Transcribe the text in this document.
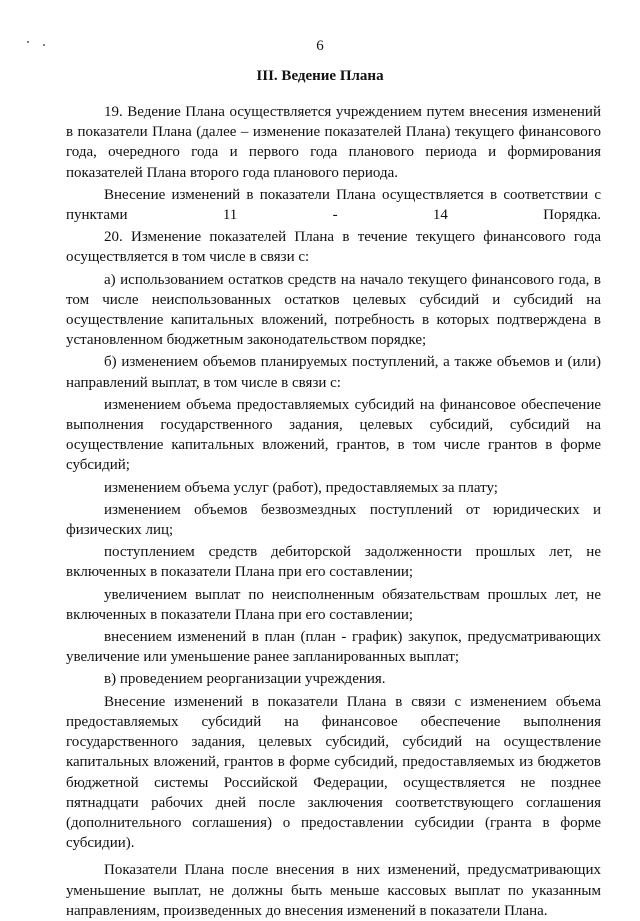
6
III. Ведение Плана

19. Ведение Плана осуществляется учреждением путем внесения изменений в показатели Плана (далее – изменение показателей Плана) текущего финансового года, очередного года и первого года планового периода и формирования показателей Плана второго года планового периода.

Внесение изменений в показатели Плана осуществляется в соответствии с пунктами 11 - 14 Порядка.

20. Изменение показателей Плана в течение текущего финансового года осуществляется в том числе в связи с:

а) использованием остатков средств на начало текущего финансового года, в том числе неиспользованных остатков целевых субсидий и субсидий на осуществление капитальных вложений, потребность в которых подтверждена в установленном бюджетным законодательством порядке;

б) изменением объемов планируемых поступлений, а также объемов и (или) направлений выплат, в том числе в связи с:

изменением объема предоставляемых субсидий на финансовое обеспечение выполнения государственного задания, целевых субсидий, субсидий на осуществление капитальных вложений, грантов, в том числе грантов в форме субсидий;

изменением объема услуг (работ), предоставляемых за плату;

изменением объемов безвозмездных поступлений от юридических и физических лиц;

поступлением средств дебиторской задолженности прошлых лет, не включенных в показатели Плана при его составлении;

увеличением выплат по неисполненным обязательствам прошлых лет, не включенных в показатели Плана при его составлении;

внесением изменений в план (план - график) закупок, предусматривающих увеличение или уменьшение ранее запланированных выплат;

в) проведением реорганизации учреждения.

Внесение изменений в показатели Плана в связи с изменением объема предоставляемых субсидий на финансовое обеспечение выполнения государственного задания, целевых субсидий, субсидий на осуществление капитальных вложений, грантов в форме субсидий, предоставляемых из бюджетов бюджетной системы Российской Федерации, осуществляется не позднее пятнадцати рабочих дней после заключения соответствующего соглашения (дополнительного соглашения) о предоставлении субсидии (гранта в форме субсидии).

Показатели Плана после внесения в них изменений, предусматривающих уменьшение выплат, не должны быть меньше кассовых выплат по указанным направлениям, произведенных до внесения изменений в показатели Плана.
